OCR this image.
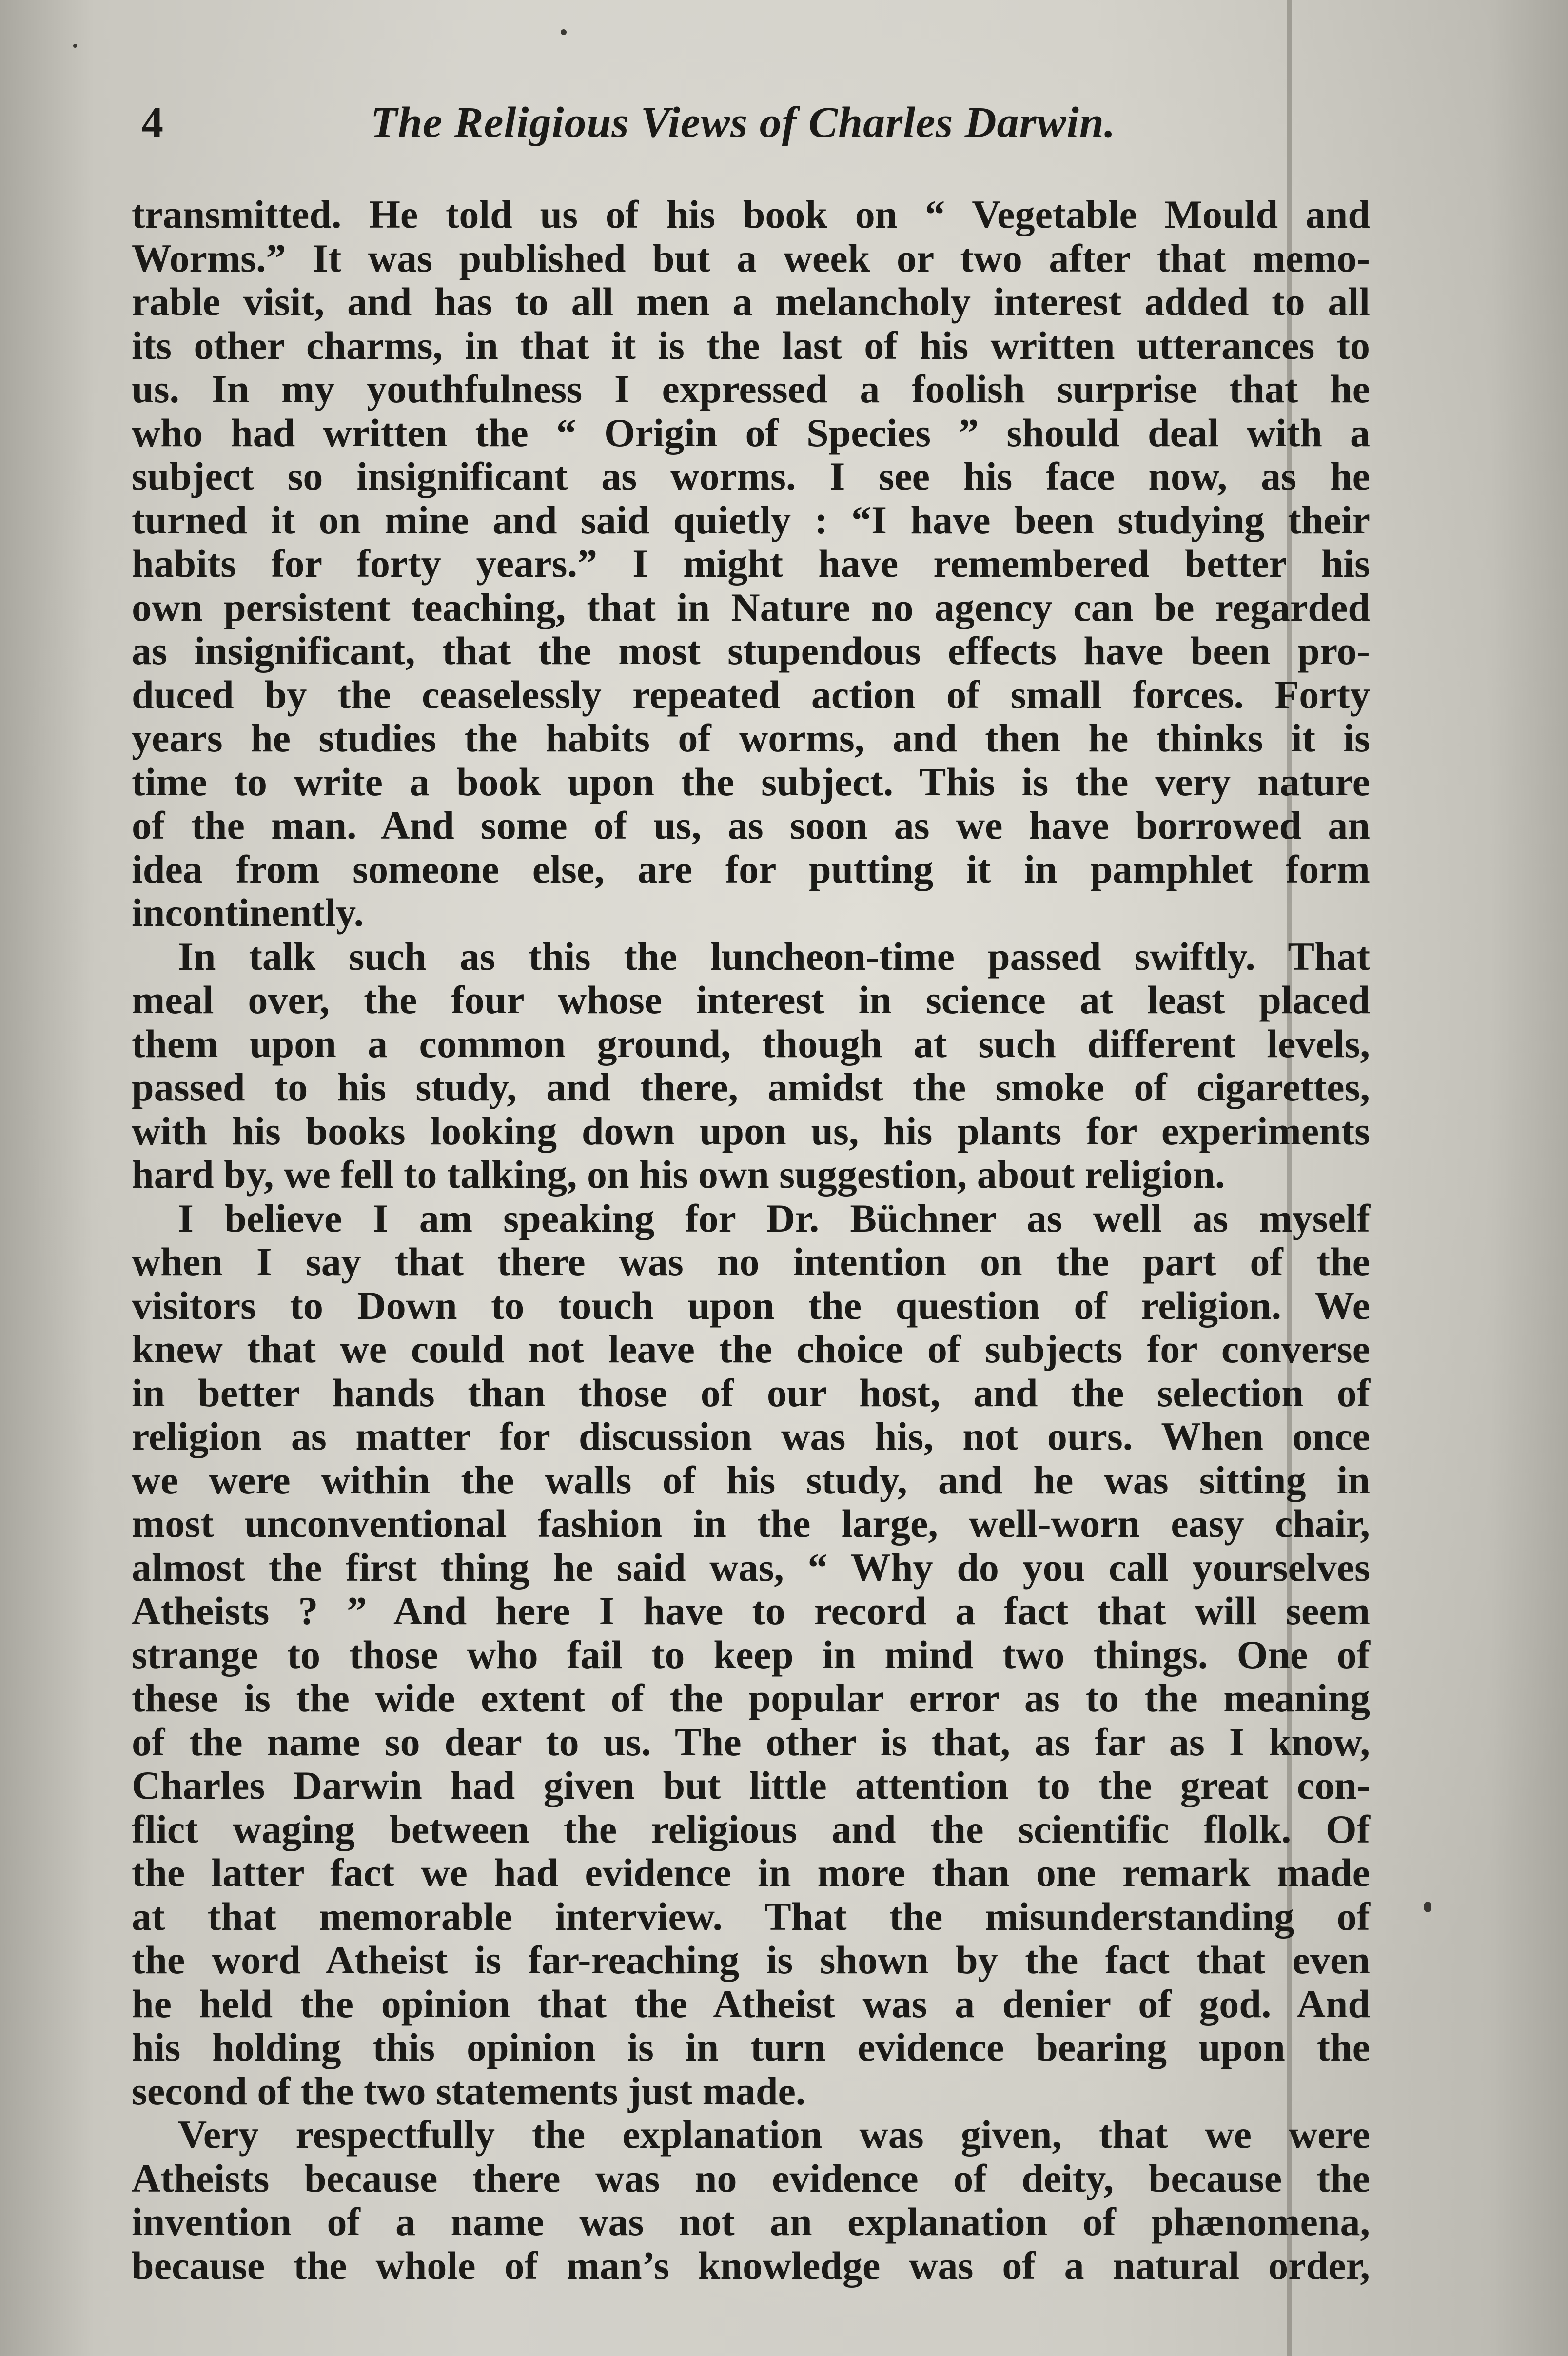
4	The Religious Views of Charles Darwin.
transmitted. He told us of his book on “ Vegetable Mould and
Worms.” It was published but a week or two after that memo-
rable visit, and has to all men a melancholy interest added to all
its other charms, in that it is the last of his written utterances to
us. In my youthfulness I expressed a foolish surprise that he
who had written the “ Origin of Species ” should deal with a
subject so insignificant as worms. I see his face now, as he
turned it on mine and said quietly : “I have been studying their
habits for forty years.” I might have remembered better his
own persistent teaching, that in Nature no agency can be regarded
as insignificant, that the most stupendous effects have been pro-
duced by the ceaselessly repeated action of small forces. Forty
years he studies the habits of worms, and then he thinks it is
time to write a book upon the subject. This is the very nature
of the man. And some of us, as soon as we have borrowed an
idea from someone else, are for putting it in pamphlet form
incontinently.
In talk such as this the luncheon-time passed swiftly. That
meal over, the four whose interest in science at least placed
them upon a common ground, though at such different levels,
passed to his study, and there, amidst the smoke of cigarettes,
with his books looking down upon us, his plants for experiments
hard by, we fell to talking, on his own suggestion, about religion.
I believe I am speaking for Dr. Büchner as well as myself
when I say that there was no intention on the part of the
visitors to Down to touch upon the question of religion. We
knew that we could not leave the choice of subjects for converse
in better hands than those of our host, and the selection of
religion as matter for discussion was his, not ours. When once
we were within the walls of his study, and he was sitting in
most unconventional fashion in the large, well-worn easy chair,
almost the first thing he said was, “ Why do you call yourselves
Atheists ? ” And here I have to record a fact that will seem
strange to those who fail to keep in mind two things. One of
these is the wide extent of the popular error as to the meaning
of the name so dear to us. The other is that, as far as I know,
Charles Darwin had given but little attention to the great con-
flict waging between the religious and the scientific flolk. Of
the latter fact we had evidence in more than one remark made
at that memorable interview. That the misunderstanding of
the word Atheist is far-reaching is shown by the fact that even
he held the opinion that the Atheist was a denier of god. And
his holding this opinion is in turn evidence bearing upon the
second of the two statements just made.
Very respectfully the explanation was given, that we were
Atheists because there was no evidence of deity, because the
invention of a name was not an explanation of phænomena,
because the whole of man’s knowledge was of a natural order,
